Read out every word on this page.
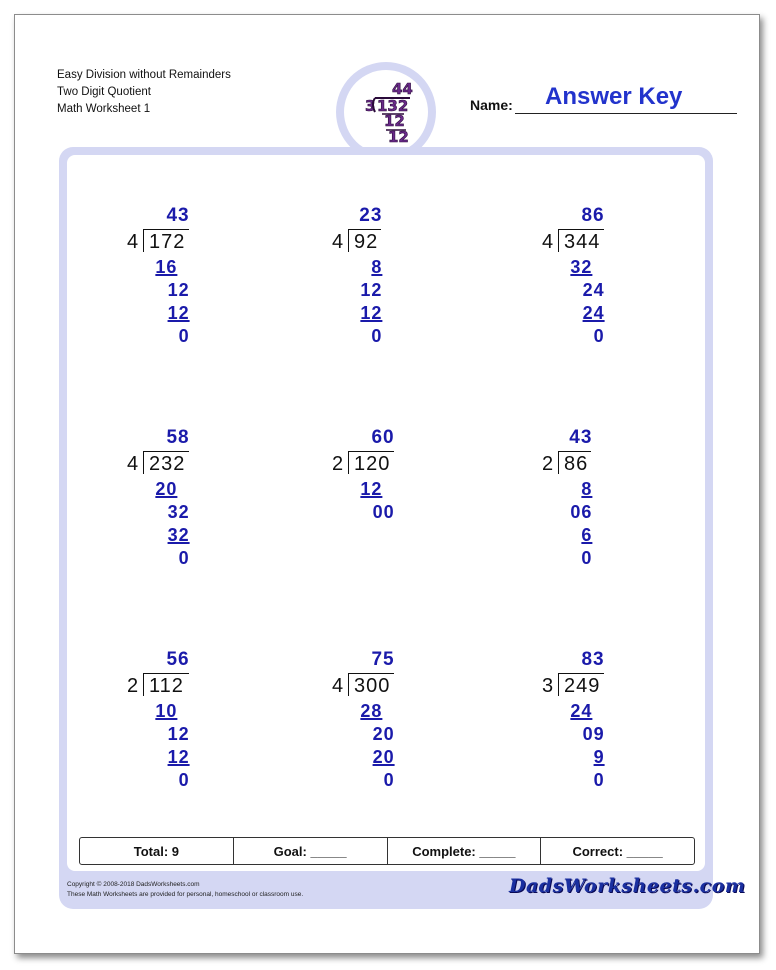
Easy Division without Remainders
Two Digit Quotient
Math Worksheet 1
44
3 132
12
12
Name: Answer Key
4 172
43
16
12
12
0
4 92
23
8
12
12
0
4 344
86
32
24
24
0
4 232
58
20
32
32
0
2 120
60
12
00
2 86
43
8
06
6
0
2 112
56
10
12
12
0
4 300
75
28
20
20
0
3 249
83
24
09
9
0
Total: 9	Goal: _____	Complete: _____	Correct: _____
Copyright © 2008-2018 DadsWorksheets.com
These Math Worksheets are provided for personal, homeschool or classroom use.	DadsWorksheets.com
